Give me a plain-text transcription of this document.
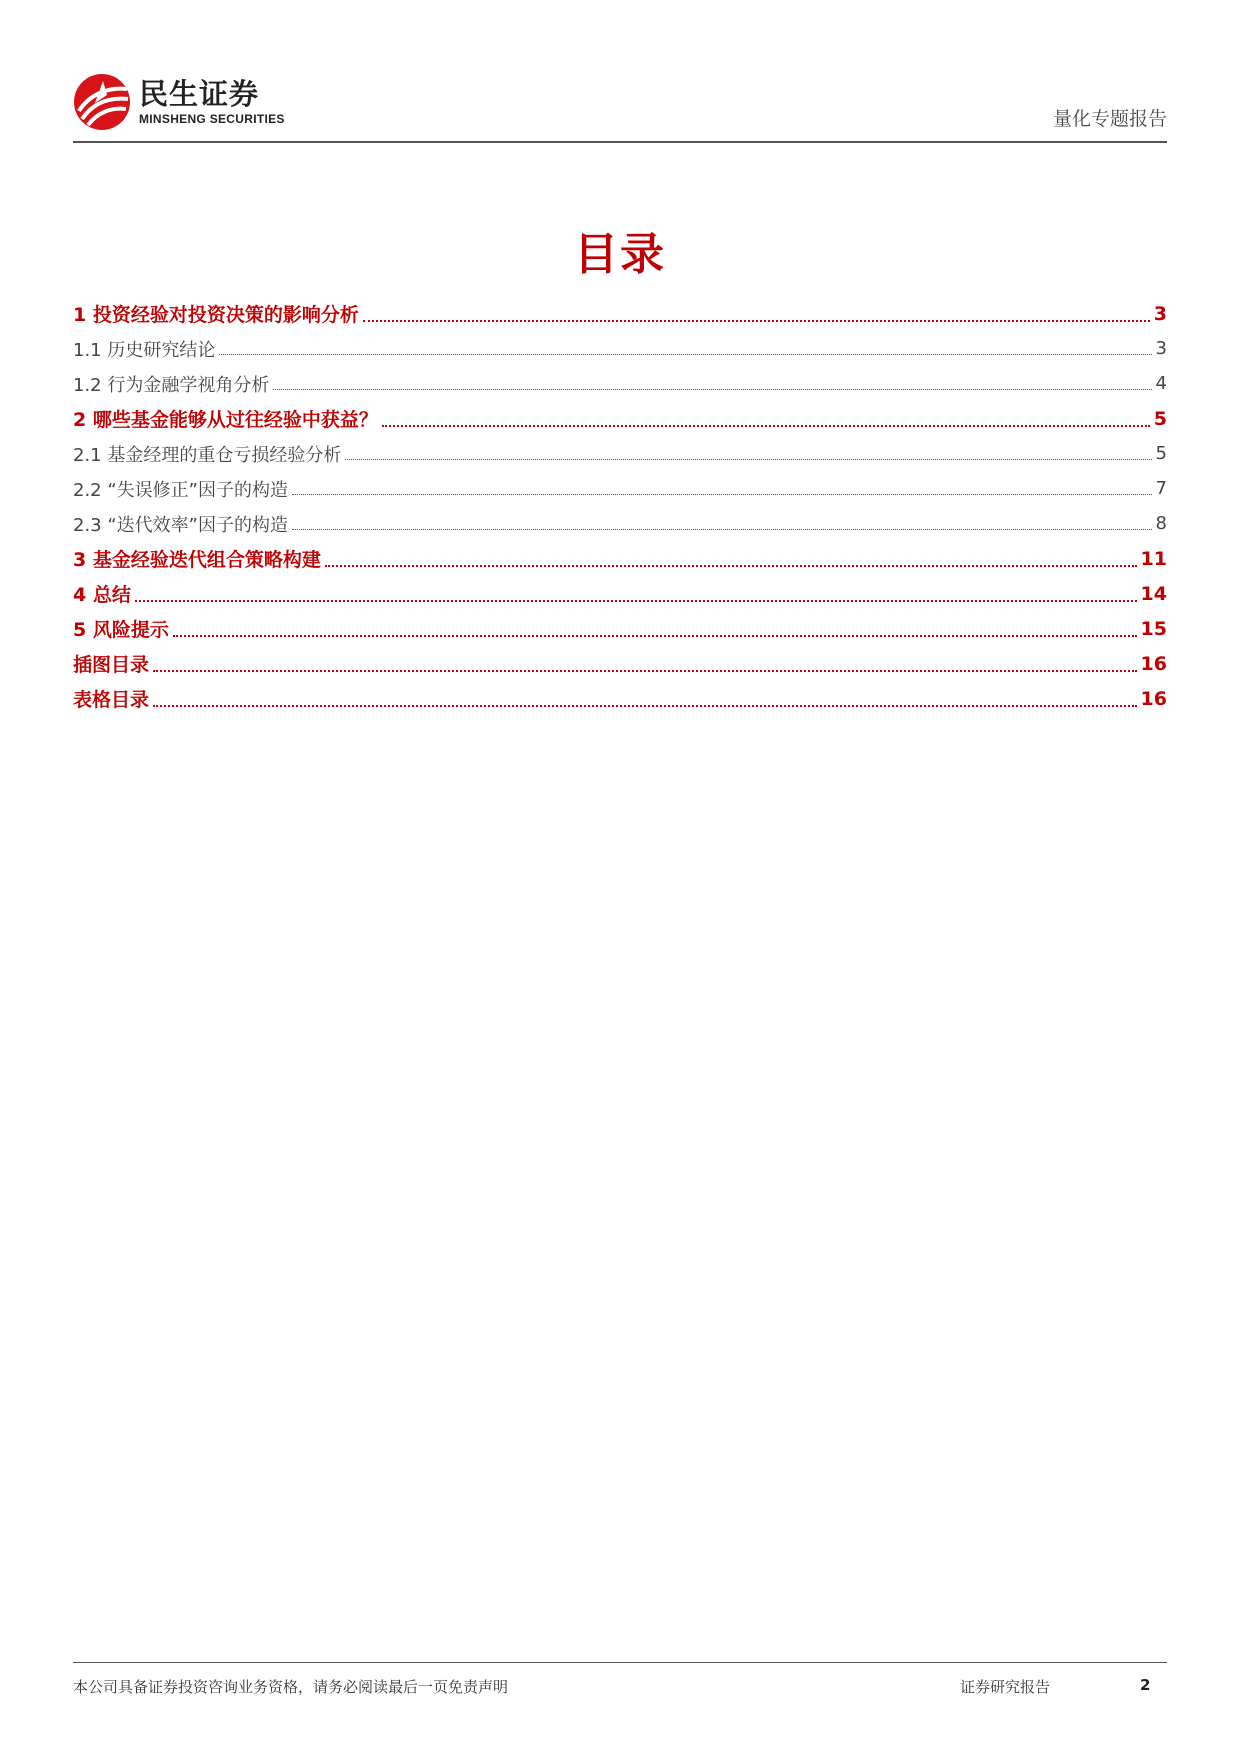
民生证券
MINSHENG SECURITIES	量化专题报告
目录
1 投资经验对投资决策的影响分析	3
1.1 历史研究结论	3
1.2 行为金融学视角分析	4
2 哪些基金能够从过往经验中获益？	5
2.1 基金经理的重仓亏损经验分析	5
2.2 “失误修正”因子的构造	7
2.3 “迭代效率”因子的构造	8
3 基金经验迭代组合策略构建	11
4 总结	14
5 风险提示	15
插图目录	16
表格目录	16
本公司具备证券投资咨询业务资格，请务必阅读最后一页免责声明	证券研究报告	2
